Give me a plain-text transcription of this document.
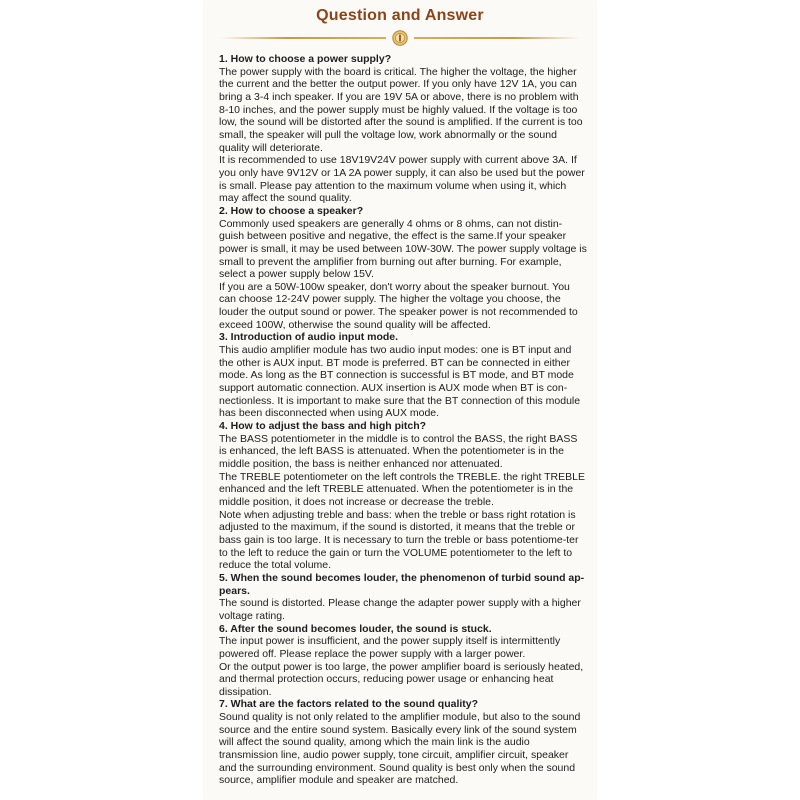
Question and Answer

1. How to choose a power supply?

The power supply with the board is critical. The higher the voltage, the higher the current and the better the output power. If you only have 12V 1A, you can bring a 3-4 inch speaker. If you are 19V 5A or above, there is no problem with 8-10 inches, and the power supply must be highly valued. If the voltage is too low, the sound will be distorted after the sound is amplified. If the current is too small, the speaker will pull the voltage low, work abnormally or the sound quality will deteriorate.

It is recommended to use 18V19V24V power supply with current above 3A. If you only have 9V12V or 1A 2A power supply, it can also be used but the power is small. Please pay attention to the maximum volume when using it, which may affect the sound quality.

2. How to choose a speaker?

Commonly used speakers are generally 4 ohms or 8 ohms, can not distin-guish between positive and negative, the effect is the same.If your speaker power is small, it may be used between 10W-30W. The power supply voltage is small to prevent the amplifier from burning out after burning. For example, select a power supply below 15V.

If you are a 50W-100w speaker, don't worry about the speaker burnout. You can choose 12-24V power supply. The higher the voltage you choose, the louder the output sound or power. The speaker power is not recommended to exceed 100W, otherwise the sound quality will be affected.

3. Introduction of audio input mode.

This audio amplifier module has two audio input modes: one is BT input and the other is AUX input. BT mode is preferred. BT can be connected in either mode. As long as the BT connection is successful is BT mode, and BT mode support automatic connection. AUX insertion is AUX mode when BT is con-nectionless. It is important to make sure that the BT connection of this module has been disconnected when using AUX mode.

4. How to adjust the bass and high pitch?

The BASS potentiometer in the middle is to control the BASS, the right BASS is enhanced, the left BASS is attenuated. When the potentiometer is in the middle position, the bass is neither enhanced nor attenuated.

The TREBLE potentiometer on the left controls the TREBLE. the right TREBLE enhanced and the left TREBLE attenuated. When the potentiometer is in the middle position, it does not increase or decrease the treble.

Note when adjusting treble and bass: when the treble or bass right rotation is adjusted to the maximum, if the sound is distorted, it means that the treble or bass gain is too large. It is necessary to turn the treble or bass potentiome-ter to the left to reduce the gain or turn the VOLUME potentiometer to the left to reduce the total volume.

5. When the sound becomes louder, the phenomenon of turbid sound ap-pears.

The sound is distorted. Please change the adapter power supply with a higher voltage rating.

6. After the sound becomes louder, the sound is stuck.

The input power is insufficient, and the power supply itself is intermittently powered off. Please replace the power supply with a larger power.

Or the output power is too large, the power amplifier board is seriously heated, and thermal protection occurs, reducing power usage or enhancing heat dissipation.

7. What are the factors related to the sound quality?

Sound quality is not only related to the amplifier module, but also to the sound source and the entire sound system. Basically every link of the sound system will affect the sound quality, among which the main link is the audio transmission line, audio power supply, tone circuit, amplifier circuit, speaker and the surrounding environment. Sound quality is best only when the sound source, amplifier module and speaker are matched.
